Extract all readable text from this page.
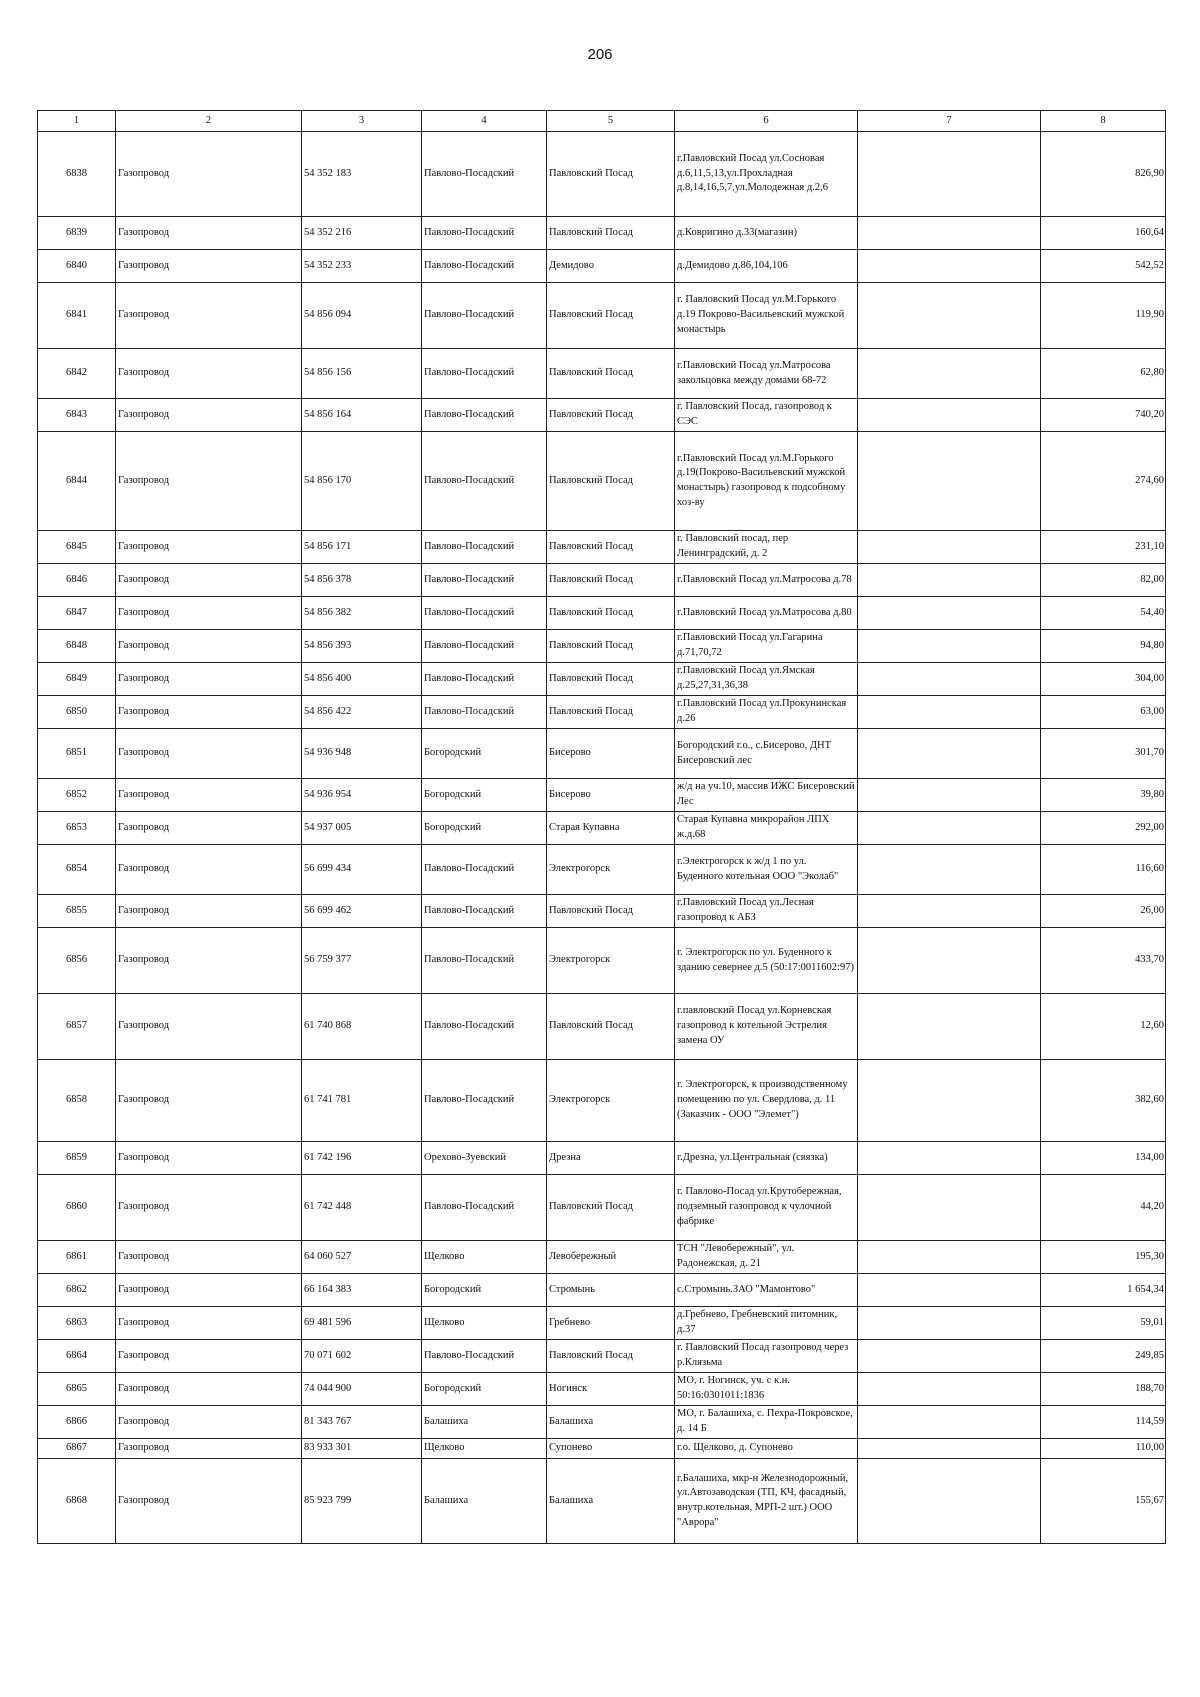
206
1	2	3	4	5	6	7	8
6838	Газопровод	54 352 183	Павлово-Посадский	Павловский Посад	г.Павловский Посад ул.Сосновая д.6,11,5,13,ул.Прохладная д.8,14,16,5,7,ул.Молодежная д.2,6		826,90
6839	Газопровод	54 352 216	Павлово-Посадский	Павловский Посад	д.Ковригино д.33(магазин)		160,64
6840	Газопровод	54 352 233	Павлово-Посадский	Демидово	д.Демидово д.86,104,106		542,52
6841	Газопровод	54 856 094	Павлово-Посадский	Павловский Посад	г. Павловский Посад ул.М.Горького д.19 Покрово-Васильевский мужской монастырь		119,90
6842	Газопровод	54 856 156	Павлово-Посадский	Павловский Посад	г.Павловский Посад ул.Матросова закольцовка между домами 68-72		62,80
6843	Газопровод	54 856 164	Павлово-Посадский	Павловский Посад	г. Павловский Посад, газопровод к СЭС		740,20
6844	Газопровод	54 856 170	Павлово-Посадский	Павловский Посад	г.Павловский Посад ул.М.Горького д.19(Покрово-Васильевский мужской монастырь) газопровод к подсобному хоз-ву		274,60
6845	Газопровод	54 856 171	Павлово-Посадский	Павловский Посад	г. Павловский посад, пер Ленинградский, д. 2		231,10
6846	Газопровод	54 856 378	Павлово-Посадский	Павловский Посад	г.Павловский Посад ул.Матросова д.78		82,00
6847	Газопровод	54 856 382	Павлово-Посадский	Павловский Посад	г.Павловский Посад ул.Матросова д.80		54,40
6848	Газопровод	54 856 393	Павлово-Посадский	Павловский Посад	г.Павловский Посад ул.Гагарина д.71,70,72		94,80
6849	Газопровод	54 856 400	Павлово-Посадский	Павловский Посад	г.Павловский Посад ул.Ямская д.25,27,31,36,38		304,00
6850	Газопровод	54 856 422	Павлово-Посадский	Павловский Посад	г.Павловский Посад ул.Прокунинская д.26		63,00
6851	Газопровод	54 936 948	Богородский	Бисерово	Богородский г.о., с.Бисерово, ДНТ Бисеровский лес		301,70
6852	Газопровод	54 936 954	Богородский	Бисерово	ж/д на уч.10, массив ИЖС Бисеровский Лес		39,80
6853	Газопровод	54 937 005	Богородский	Старая Купавна	Старая Купавна микрорайон ЛПХ ж.д.68		292,00
6854	Газопровод	56 699 434	Павлово-Посадский	Электрогорск	г.Электрогорск к ж/д 1 по ул. Буденного котельная ООО "Эколаб"		116,60
6855	Газопровод	56 699 462	Павлово-Посадский	Павловский Посад	г.Павловский Посад ул.Лесная газопровод к АБЗ		26,00
6856	Газопровод	56 759 377	Павлово-Посадский	Электрогорск	г. Электрогорск по ул. Буденного к зданию севернее д.5 (50:17:0011602:97)		433,70
6857	Газопровод	61 740 868	Павлово-Посадский	Павловский Посад	г.павловский Посад ул.Корневская газопровод к котельной Эстрелия замена ОУ		12,60
6858	Газопровод	61 741 781	Павлово-Посадский	Электрогорск	г. Электрогорск, к производственному помещению по ул. Свердлова, д. 11 (Заказчик - ООО "Элемет")		382,60
6859	Газопровод	61 742 196	Орехово-Зуевский	Дрезна	г.Дрезна, ул.Центральная (связка)		134,00
6860	Газопровод	61 742 448	Павлово-Посадский	Павловский Посад	г. Павлово-Посад ул.Крутобережная, подземный газопровод к чулочной фабрике		44,20
6861	Газопровод	64 060 527	Щелково	Левобережный	ТСН "Левобережный", ул. Радонежская, д. 21		195,30
6862	Газопровод	66 164 383	Богородский	Стромынь	с.Стромынь.ЗАО "Мамонтово"		1 654,34
6863	Газопровод	69 481 596	Щелково	Гребнево	д.Гребнево, Гребневский питомник, д.37		59,01
6864	Газопровод	70 071 602	Павлово-Посадский	Павловский Посад	г. Павловский Посад газопровод через р.Клязьма		249,85
6865	Газопровод	74 044 900	Богородский	Ногинск	МО, г. Ногинск, уч. с к.н. 50:16:0301011:1836		188,70
6866	Газопровод	81 343 767	Балашиха	Балашиха	МО, г. Балашиха, с. Пехра-Покровское, д. 14 Б		114,59
6867	Газопровод	83 933 301	Щелково	Супонево	г.о. Щелково, д. Супонево		110,00
6868	Газопровод	85 923 799	Балашиха	Балашиха	г.Балашиха, мкр-н Железнодорожный, ул.Автозаводская (ТП, КЧ, фасадный, внутр.котельная, МРП-2 шт.) ООО "Аврора"		155,67
